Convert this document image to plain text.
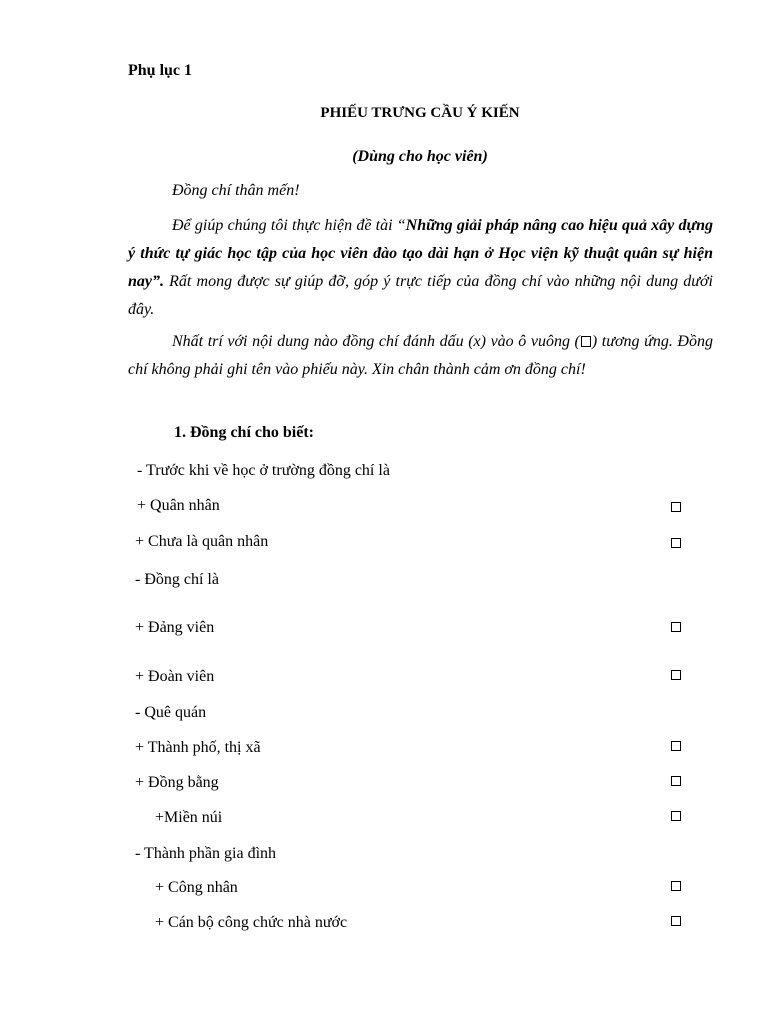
Phụ lục 1
PHIẾU TRƯNG CẦU Ý KIẾN
(Dùng cho học viên)
Đồng chí thân mến!
Để giúp chúng tôi thực hiện đề tài “Những giải pháp nâng cao hiệu quả xây dựng ý thức tự giác học tập của học viên đào tạo dài hạn ở Học viện kỹ thuật quân sự hiện nay”. Rất mong được sự giúp đỡ, góp ý trực tiếp của đồng chí vào những nội dung dưới đây.
Nhất trí với nội dung nào đồng chí đánh dấu (x) vào ô vuông ( ) tương ứng. Đồng chí không phải ghi tên vào phiếu này. Xin chân thành cảm ơn đồng chí!
1. Đồng chí cho biết:
- Trước khi về học ở trường đồng chí là
+ Quân nhân
+ Chưa là quân nhân
- Đồng chí là
+ Đảng viên
+ Đoàn viên
- Quê quán
+ Thành phố, thị xã
+ Đồng bằng
+Miền núi
- Thành phần gia đình
+ Công nhân
+ Cán bộ công chức nhà nước
